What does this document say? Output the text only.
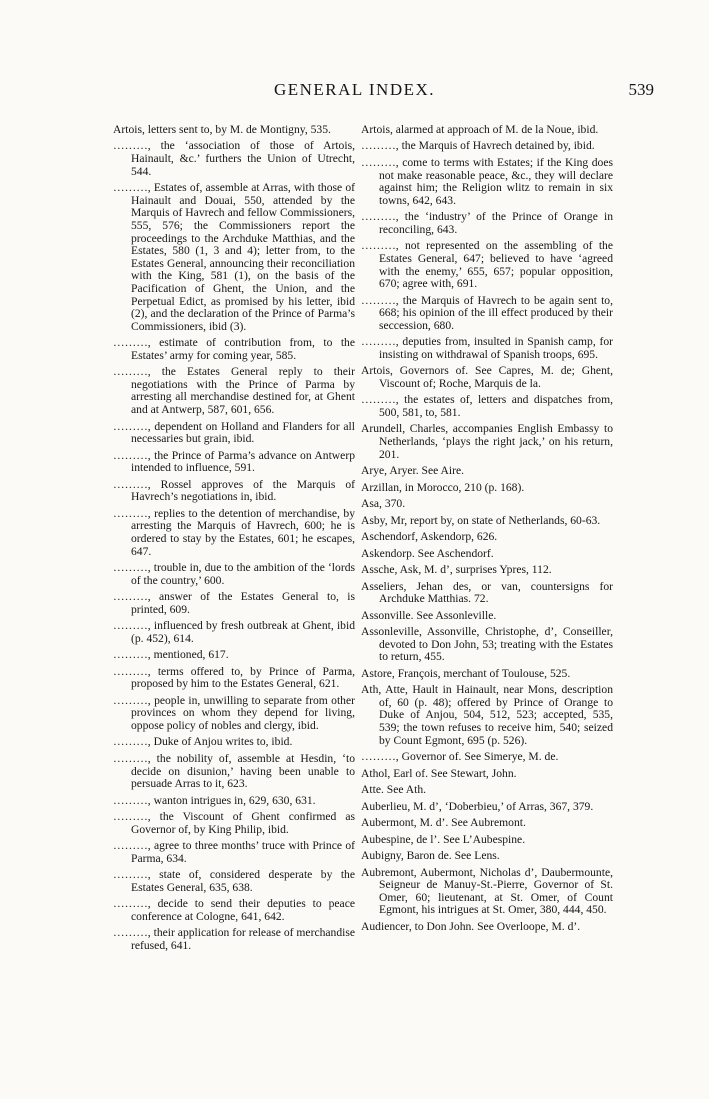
GENERAL INDEX.	539
Artois, letters sent to, by M. de Montigny, 535.
………, the ‘association of those of Artois, Hainault, &c.’ furthers the Union of Utrecht, 544.
………, Estates of, assemble at Arras, with those of Hainault and Douai, 550, attended by the Marquis of Havrech and fellow Commissioners, 555, 576; the Commissioners report the proceedings to the Archduke Matthias, and the Estates, 580 (1, 3 and 4); letter from, to the Estates General, announcing their reconciliation with the King, 581 (1), on the basis of the Pacification of Ghent, the Union, and the Perpetual Edict, as promised by his letter, ibid (2), and the declaration of the Prince of Parma’s Commissioners, ibid (3).
………, estimate of contribution from, to the Estates’ army for coming year, 585.
………, the Estates General reply to their negotiations with the Prince of Parma by arresting all merchandise destined for, at Ghent and at Antwerp, 587, 601, 656.
………, dependent on Holland and Flanders for all necessaries but grain, ibid.
………, the Prince of Parma’s advance on Antwerp intended to influence, 591.
………, Rossel approves of the Marquis of Havrech’s negotiations in, ibid.
………, replies to the detention of merchandise, by arresting the Marquis of Havrech, 600; he is ordered to stay by the Estates, 601; he escapes, 647.
………, trouble in, due to the ambition of the ‘lords of the country,’ 600.
………, answer of the Estates General to, is printed, 609.
………, influenced by fresh outbreak at Ghent, ibid (p. 452), 614.
………, mentioned, 617.
………, terms offered to, by Prince of Parma, proposed by him to the Estates General, 621.
………, people in, unwilling to separate from other provinces on whom they depend for living, oppose policy of nobles and clergy, ibid.
………, Duke of Anjou writes to, ibid.
………, the nobility of, assemble at Hesdin, ‘to decide on disunion,’ having been unable to persuade Arras to it, 623.
………, wanton intrigues in, 629, 630, 631.
………, the Viscount of Ghent confirmed as Governor of, by King Philip, ibid.
………, agree to three months’ truce with Prince of Parma, 634.
………, state of, considered desperate by the Estates General, 635, 638.
………, decide to send their deputies to peace conference at Cologne, 641, 642.
………, their application for release of merchandise refused, 641.
Artois, alarmed at approach of M. de la Noue, ibid.
………, the Marquis of Havrech detained by, ibid.
………, come to terms with Estates; if the King does not make reasonable peace, &c., they will declare against him; the Religion wlitz to remain in six towns, 642, 643.
………, the ‘industry’ of the Prince of Orange in reconciling, 643.
………, not represented on the assembling of the Estates General, 647; believed to have ‘agreed with the enemy,’ 655, 657; popular opposition, 670; agree with, 691.
………, the Marquis of Havrech to be again sent to, 668; his opinion of the ill effect produced by their seccession, 680.
………, deputies from, insulted in Spanish camp, for insisting on withdrawal of Spanish troops, 695.
Artois, Governors of. See Capres, M. de; Ghent, Viscount of; Roche, Marquis de la.
………, the estates of, letters and dispatches from, 500, 581, to, 581.
Arundell, Charles, accompanies English Embassy to Netherlands, ‘plays the right jack,’ on his return, 201.
Arye, Aryer. See Aire.
Arzillan, in Morocco, 210 (p. 168).
Asa, 370.
Asby, Mr, report by, on state of Netherlands, 60-63.
Aschendorf, Askendorp, 626.
Askendorp. See Aschendorf.
Assche, Ask, M. d’, surprises Ypres, 112.
Asseliers, Jehan des, or van, countersigns for Archduke Matthias. 72.
Assonville. See Assonleville.
Assonleville, Assonville, Christophe, d’, Conseiller, devoted to Don John, 53; treating with the Estates to return, 455.
Astore, François, merchant of Toulouse, 525.
Ath, Atte, Hault in Hainault, near Mons, description of, 60 (p. 48); offered by Prince of Orange to Duke of Anjou, 504, 512, 523; accepted, 535, 539; the town refuses to receive him, 540; seized by Count Egmont, 695 (p. 526).
………, Governor of. See Simerye, M. de.
Athol, Earl of. See Stewart, John.
Atte. See Ath.
Auberlieu, M. d’, ‘Doberbieu,’ of Arras, 367, 379.
Aubermont, M. d’. See Aubremont.
Aubespine, de l’. See L’Aubespine.
Aubigny, Baron de. See Lens.
Aubremont, Aubermont, Nicholas d’, Daubermounte, Seigneur de Manuy-St.-Pierre, Governor of St. Omer, 60; lieutenant, at St. Omer, of Count Egmont, his intrigues at St. Omer, 380, 444, 450.
Audiencer, to Don John. See Overloope, M. d’.
